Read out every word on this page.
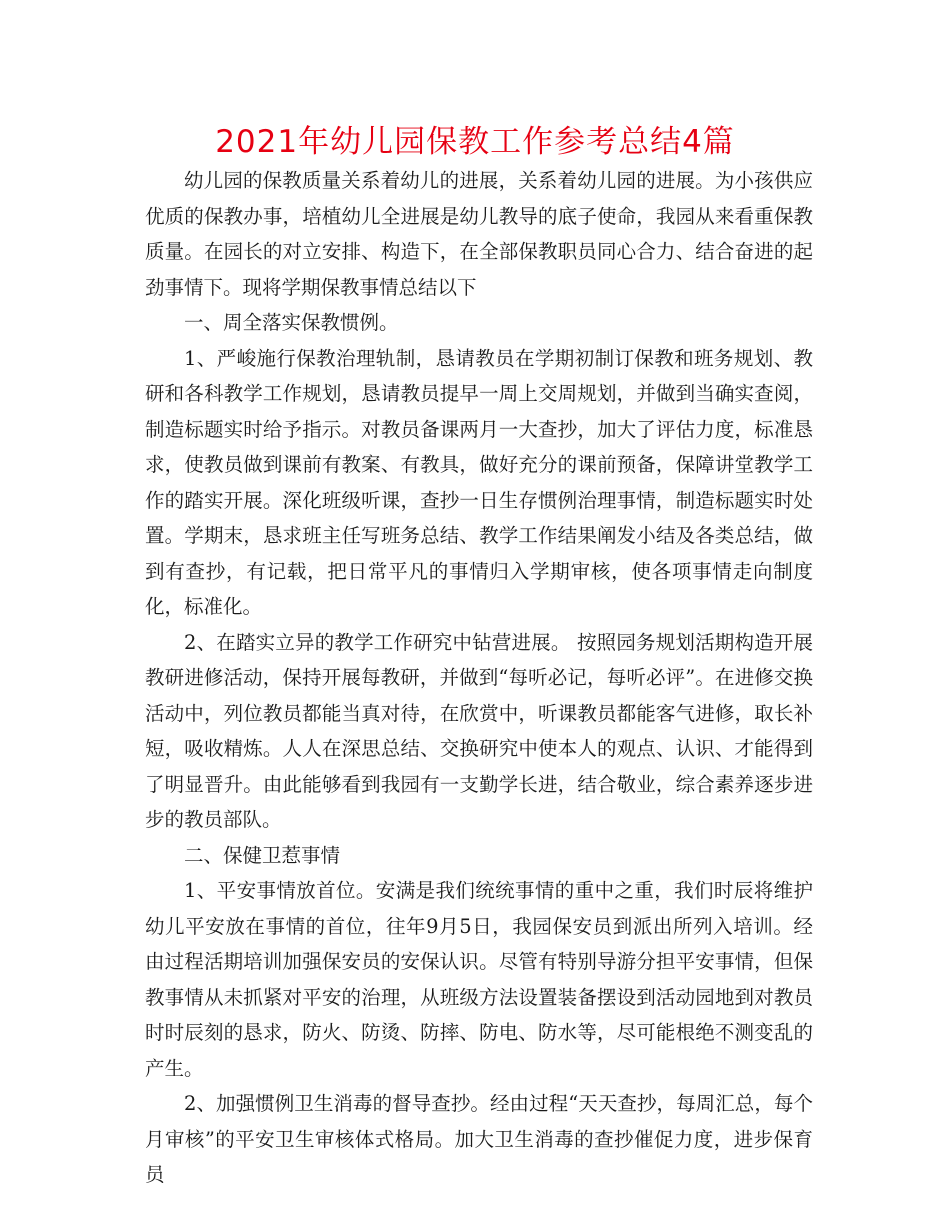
2021年幼儿园保教工作参考总结4篇

幼儿园的保教质量关系着幼儿的进展，关系着幼儿园的进展。为小孩供应优质的保教办事，培植幼儿全进展是幼儿教导的底子使命，我园从来看重保教质量。在园长的对立安排、构造下，在全部保教职员同心合力、结合奋进的起劲事情下。现将学期保教事情总结以下

一、周全落实保教惯例。

1、严峻施行保教治理轨制，恳请教员在学期初制订保教和班务规划、教研和各科教学工作规划，恳请教员提早一周上交周规划，并做到当确实查阅，制造标题实时给予指示。对教员备课两月一大查抄，加大了评估力度，标准恳求，使教员做到课前有教案、有教具，做好充分的课前预备，保障讲堂教学工作的踏实开展。深化班级听课，查抄一日生存惯例治理事情，制造标题实时处置。学期末，恳求班主任写班务总结、教学工作结果阐发小结及各类总结，做到有查抄，有记载，把日常平凡的事情归入学期审核，使各项事情走向制度化，标准化。

2、在踏实立异的教学工作研究中钻营进展。 按照园务规划活期构造开展教研进修活动，保持开展每教研，并做到“每听必记，每听必评”。在进修交换活动中，列位教员都能当真对待，在欣赏中，听课教员都能客气进修，取长补短，吸收精炼。人人在深思总结、交换研究中使本人的观点、认识、才能得到了明显晋升。由此能够看到我园有一支勤学长进，结合敬业，综合素养逐步进步的教员部队。

二、保健卫惹事情

1、平安事情放首位。安满是我们统统事情的重中之重，我们时辰将维护幼儿平安放在事情的首位，往年9月5日，我园保安员到派出所列入培训。经由过程活期培训加强保安员的安保认识。尽管有特别导游分担平安事情，但保教事情从未抓紧对平安的治理，从班级方法设置装备摆设到活动园地到对教员时时辰刻的恳求，防火、防烫、防摔、防电、防水等，尽可能根绝不测变乱的产生。

2、加强惯例卫生消毒的督导查抄。经由过程“天天查抄，每周汇总，每个月审核”的平安卫生审核体式格局。加大卫生消毒的查抄催促力度，进步保育员
